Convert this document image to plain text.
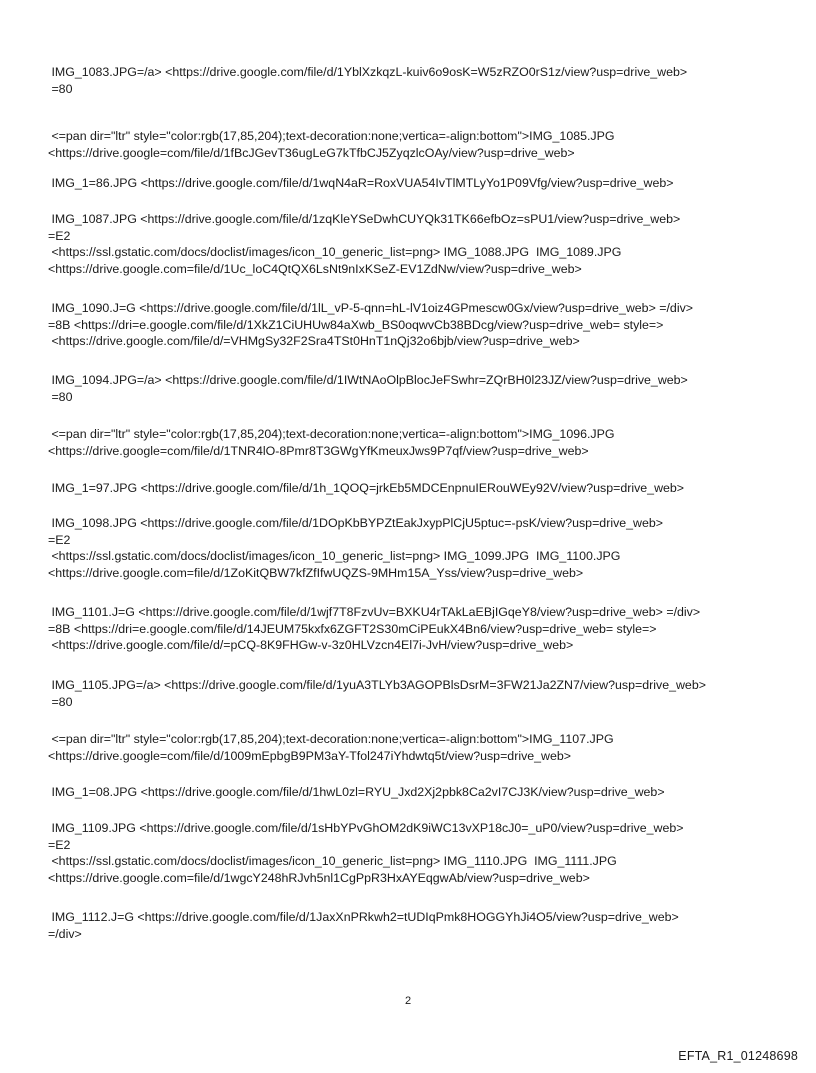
IMG_1083.JPG=/a> <https://drive.google.com/file/d/1YblXzkqzL-kuiv6o9osK=W5zRZO0rS1z/view?usp=drive_web>
=80
<=pan dir="ltr" style="color:rgb(17,85,204);text-decoration:none;vertica=-align:bottom">IMG_1085.JPG
<https://drive.google=com/file/d/1fBcJGevT36ugLeG7kTfbCJ5ZyqzlcOAy/view?usp=drive_web>
IMG_1=86.JPG <https://drive.google.com/file/d/1wqN4aR=RoxVUA54IvTlMTLyYo1P09Vfg/view?usp=drive_web>
IMG_1087.JPG <https://drive.google.com/file/d/1zqKleYSeDwhCUYQk31TK66efbOz=sPU1/view?usp=drive_web>
=E2
<https://ssl.gstatic.com/docs/doclist/images/icon_10_generic_list=png> IMG_1088.JPG  IMG_1089.JPG
<https://drive.google.com=file/d/1Uc_loC4QtQX6LsNt9nIxKSeZ-EV1ZdNw/view?usp=drive_web>
IMG_1090.J=G <https://drive.google.com/file/d/1lL_vP-5-qnn=hL-lV1oiz4GPmescw0Gx/view?usp=drive_web> =/div>
=8B <https://dri=e.google.com/file/d/1XkZ1CiUHUw84aXwb_BS0oqwvCb38BDcg/view?usp=drive_web= style=>
<https://drive.google.com/file/d/=VHMgSy32F2Sra4TSt0HnT1nQj32o6bjb/view?usp=drive_web>
IMG_1094.JPG=/a> <https://drive.google.com/file/d/1IWtNAoOlpBlocJeFSwhr=ZQrBH0l23JZ/view?usp=drive_web>
=80
<=pan dir="ltr" style="color:rgb(17,85,204);text-decoration:none;vertica=-align:bottom">IMG_1096.JPG
<https://drive.google=com/file/d/1TNR4lO-8Pmr8T3GWgYfKmeuxJws9P7qf/view?usp=drive_web>
IMG_1=97.JPG <https://drive.google.com/file/d/1h_1QOQ=jrkEb5MDCEnpnuIERouWEy92V/view?usp=drive_web>
IMG_1098.JPG <https://drive.google.com/file/d/1DOpKbBYPZtEakJxypPlCjU5ptuc=-psK/view?usp=drive_web>
=E2
<https://ssl.gstatic.com/docs/doclist/images/icon_10_generic_list=png> IMG_1099.JPG  IMG_1100.JPG
<https://drive.google.com=file/d/1ZoKitQBW7kfZfIfwUQZS-9MHm15A_Yss/view?usp=drive_web>
IMG_1101.J=G <https://drive.google.com/file/d/1wjf7T8FzvUv=BXKU4rTAkLaEBjIGqeY8/view?usp=drive_web> =/div>
=8B <https://dri=e.google.com/file/d/14JEUM75kxfx6ZGFT2S30mCiPEukX4Bn6/view?usp=drive_web= style=>
<https://drive.google.com/file/d/=pCQ-8K9FHGw-v-3z0HLVzcn4El7i-JvH/view?usp=drive_web>
IMG_1105.JPG=/a> <https://drive.google.com/file/d/1yuA3TLYb3AGOPBlsDsrM=3FW21Ja2ZN7/view?usp=drive_web>
=80
<=pan dir="ltr" style="color:rgb(17,85,204);text-decoration:none;vertica=-align:bottom">IMG_1107.JPG
<https://drive.google=com/file/d/1009mEpbgB9PM3aY-Tfol247iYhdwtq5t/view?usp=drive_web>
IMG_1=08.JPG <https://drive.google.com/file/d/1hwL0zl=RYU_Jxd2Xj2pbk8Ca2vI7CJ3K/view?usp=drive_web>
IMG_1109.JPG <https://drive.google.com/file/d/1sHbYPvGhOM2dK9iWC13vXP18cJ0=_uP0/view?usp=drive_web>
=E2
<https://ssl.gstatic.com/docs/doclist/images/icon_10_generic_list=png> IMG_1110.JPG  IMG_1111.JPG
<https://drive.google.com=file/d/1wgcY248hRJvh5nl1CgPpR3HxAYEqgwAb/view?usp=drive_web>
IMG_1112.J=G <https://drive.google.com/file/d/1JaxXnPRkwh2=tUDIqPmk8HOGGYhJi4O5/view?usp=drive_web>
=/div>
2
EFTA_R1_01248698
